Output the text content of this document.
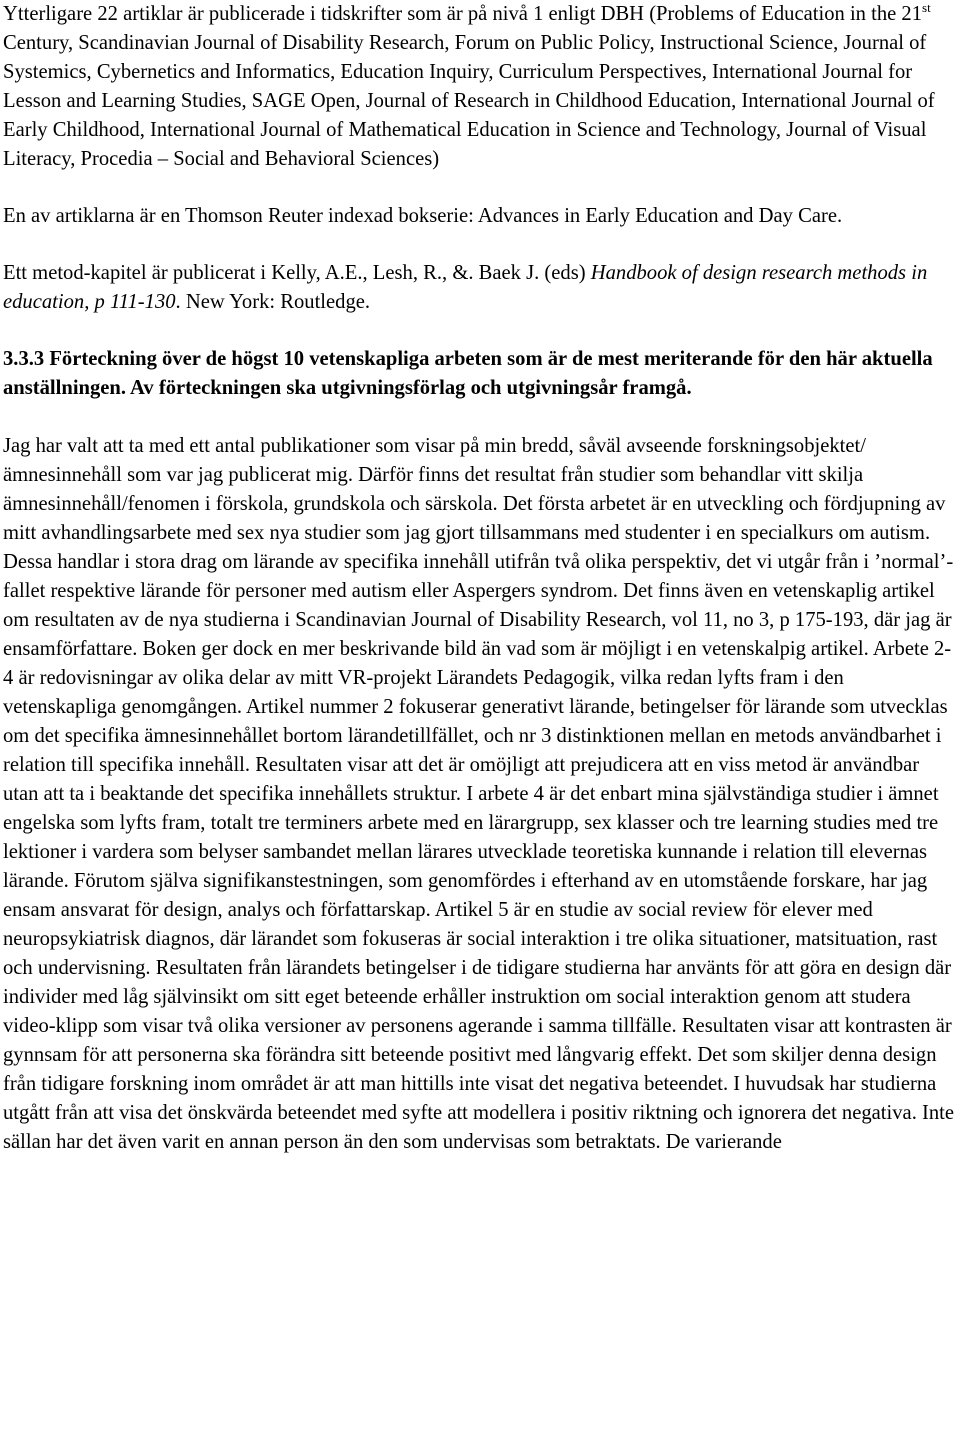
Ytterligare 22 artiklar är publicerade i tidskrifter som är på nivå 1 enligt DBH (Problems of Education in the 21st Century, Scandinavian Journal of Disability Research, Forum on Public Policy, Instructional Science, Journal of Systemics, Cybernetics and Informatics, Education Inquiry, Curriculum Perspectives, International Journal for Lesson and Learning Studies, SAGE Open, Journal of Research in Childhood Education, International Journal of Early Childhood, International Journal of Mathematical Education in Science and Technology, Journal of Visual Literacy, Procedia – Social and Behavioral Sciences)

En av artiklarna är en Thomson Reuter indexad bokserie: Advances in Early Education and Day Care.

Ett metod-kapitel är publicerat i Kelly, A.E., Lesh, R., &. Baek J. (eds) Handbook of design research methods in education, p 111-130. New York: Routledge.

3.3.3 Förteckning över de högst 10 vetenskapliga arbeten som är de mest meriterande för den här aktuella anställningen. Av förteckningen ska utgivningsförlag och utgivningsår framgå.

Jag har valt att ta med ett antal publikationer som visar på min bredd, såväl avseende forskningsobjektet/ämnesinnehåll som var jag publicerat mig. Därför finns det resultat från studier som behandlar vitt skilja ämnesinnehåll/fenomen i förskola, grundskola och särskola. Det första arbetet är en utveckling och fördjupning av mitt avhandlingsarbete med sex nya studier som jag gjort tillsammans med studenter i en specialkurs om autism. Dessa handlar i stora drag om lärande av specifika innehåll utifrån två olika perspektiv, det vi utgår från i ’normal’-fallet respektive lärande för personer med autism eller Aspergers syndrom. Det finns även en vetenskaplig artikel om resultaten av de nya studierna i Scandinavian Journal of Disability Research, vol 11, no 3, p 175-193, där jag är ensamförfattare. Boken ger dock en mer beskrivande bild än vad som är möjligt i en vetenskalpig artikel. Arbete 2-4 är redovisningar av olika delar av mitt VR-projekt Lärandets Pedagogik, vilka redan lyfts fram i den vetenskapliga genomgången. Artikel nummer 2 fokuserar generativt lärande, betingelser för lärande som utvecklas om det specifika ämnesinnehållet bortom lärandetillfället, och nr 3 distinktionen mellan en metods användbarhet i relation till specifika innehåll. Resultaten visar att det är omöjligt att prejudicera att en viss metod är användbar utan att ta i beaktande det specifika innehållets struktur. I arbete 4 är det enbart mina självständiga studier i ämnet engelska som lyfts fram, totalt tre terminers arbete med en lärargrupp, sex klasser och tre learning studies med tre lektioner i vardera som belyser sambandet mellan lärares utvecklade teoretiska kunnande i relation till elevernas lärande. Förutom själva signifikanstestningen, som genomfördes i efterhand av en utomstående forskare, har jag ensam ansvarat för design, analys och författarskap. Artikel 5 är en studie av social review för elever med neuropsykiatrisk diagnos, där lärandet som fokuseras är social interaktion i tre olika situationer, matsituation, rast och undervisning. Resultaten från lärandets betingelser i de tidigare studierna har använts för att göra en design där individer med låg självinsikt om sitt eget beteende erhåller instruktion om social interaktion genom att studera video-klipp som visar två olika versioner av personens agerande i samma tillfälle. Resultaten visar att kontrasten är gynnsam för att personerna ska förändra sitt beteende positivt med långvarig effekt. Det som skiljer denna design från tidigare forskning inom området är att man hittills inte visat det negativa beteendet. I huvudsak har studierna utgått från att visa det önskvärda beteendet med syfte att modellera i positiv riktning och ignorera det negativa. Inte sällan har det även varit en annan person än den som undervisas som betraktats. De varierande
